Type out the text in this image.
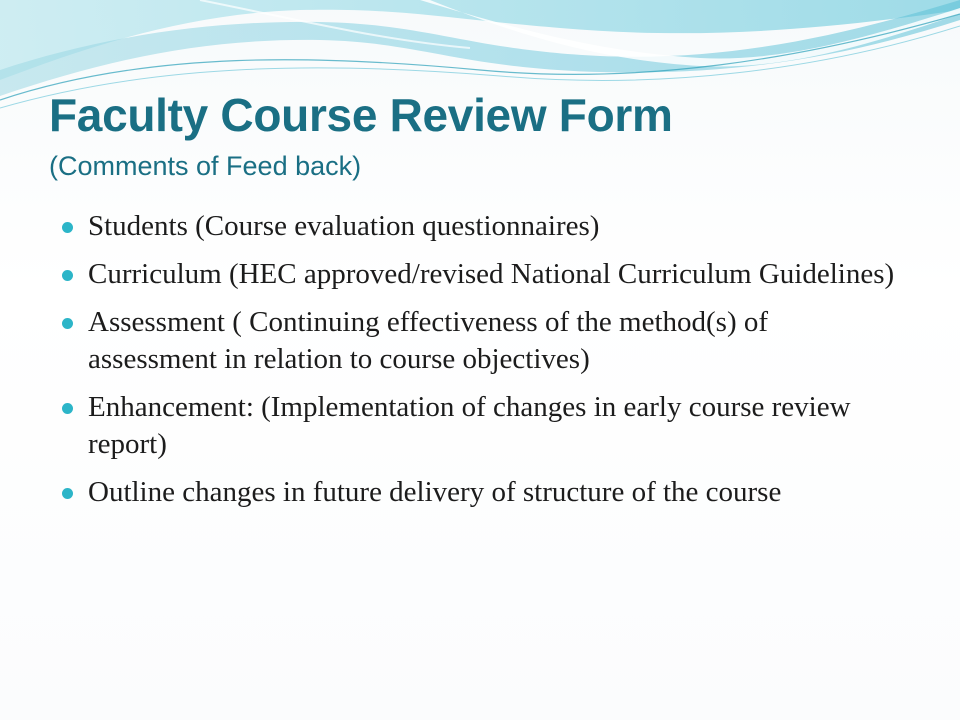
Faculty Course Review Form
(Comments of Feed back)
Students (Course evaluation questionnaires)
Curriculum (HEC approved/revised National Curriculum Guidelines)
Assessment ( Continuing effectiveness of the method(s) of assessment in relation to course objectives)
Enhancement: (Implementation of changes in early course review report)
Outline changes in future delivery of structure of the course
